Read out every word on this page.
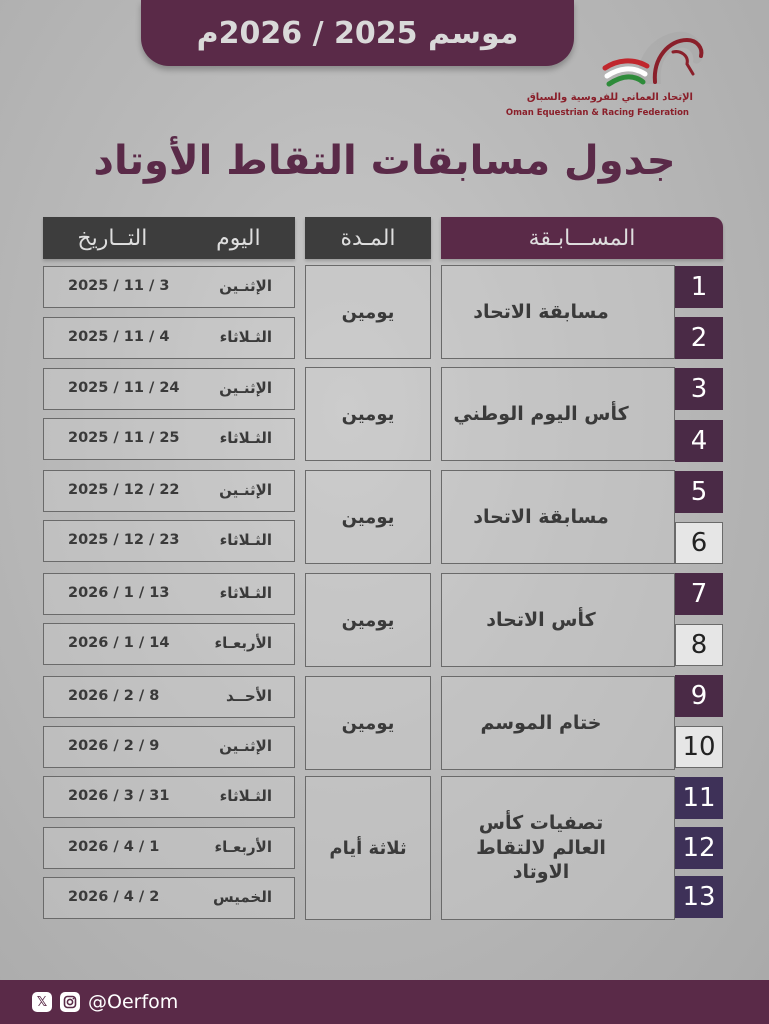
موسم 2025 / 2026م
الإتحاد العماني للفروسية والسباق
Oman Equestrian & Racing Federation
جدول مسابقات التقاط الأوتاد
المســـابـقة
المـدة
اليوم
التــاريخ
مسابقة الاتحاد
كأس اليوم الوطني
مسابقة الاتحاد
كأس الاتحاد
ختام الموسم
تصفيات كأس العالم لالتقاط الاوتاد
يومين
يومين
يومين
يومين
يومين
ثلاثة أيام
1
2
3
4
5
6
7
8
9
10
11
12
13
الإثنـين
2025 / 11 / 3
الثـلاثاء
2025 / 11 / 4
الإثنـين
2025 / 11 / 24
الثـلاثاء
2025 / 11 / 25
الإثنـين
2025 / 12 / 22
الثـلاثاء
2025 / 12 / 23
الثـلاثاء
2026 / 1 / 13
الأربعـاء
2026 / 1 / 14
الأحــد
2026 / 2 / 8
الإثنـين
2026 / 2 / 9
الثـلاثاء
2026 / 3 / 31
الأربعـاء
2026 / 4 / 1
الخميس
2026 / 4 / 2
𝕏 @Oerfom
